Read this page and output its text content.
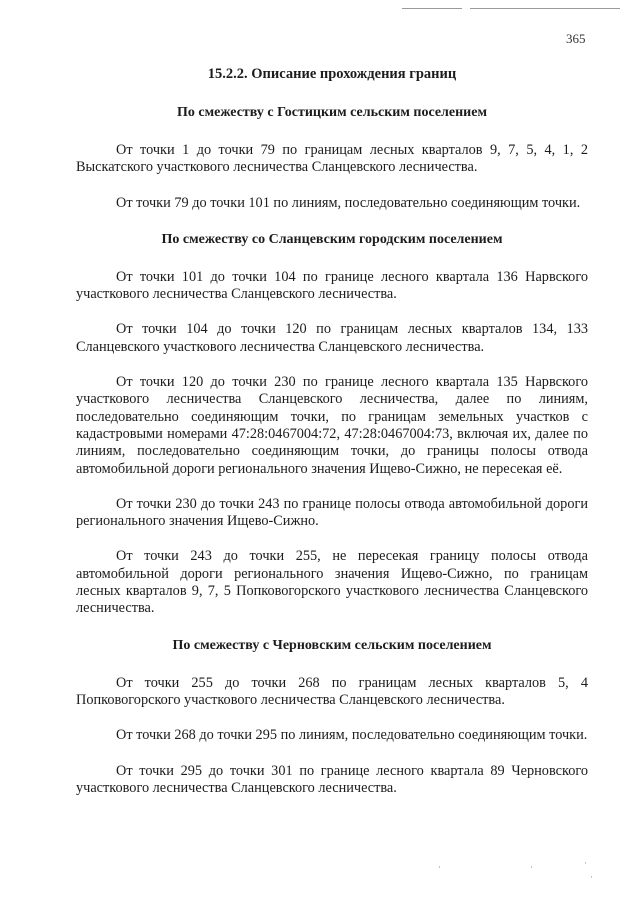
365
15.2.2. Описание прохождения границ
По смежеству с Гостицким сельским поселением

От точки 1 до точки 79 по границам лесных кварталов 9, 7, 5, 4, 1, 2 Выскатского участкового лесничества Сланцевского лесничества.

От точки 79 до точки 101 по линиям, последовательно соединяющим точки.

По смежеству со Сланцевским городским поселением

От точки 101 до точки 104 по границе лесного квартала 136 Нарвского участкового лесничества Сланцевского лесничества.

От точки 104 до точки 120 по границам лесных кварталов 134, 133 Сланцевского участкового лесничества Сланцевского лесничества.

От точки 120 до точки 230 по границе лесного квартала 135 Нарвского участкового лесничества Сланцевского лесничества, далее по линиям, последовательно соединяющим точки, по границам земельных участков с кадастровыми номерами 47:28:0467004:72, 47:28:0467004:73, включая их, далее по линиям, последовательно соединяющим точки, до границы полосы отвода автомобильной дороги регионального значения Ищево-Сижно, не пересекая её.

От точки 230 до точки 243 по границе полосы отвода автомобильной дороги регионального значения Ищево-Сижно.

От точки 243 до точки 255, не пересекая границу полосы отвода автомобильной дороги регионального значения Ищево-Сижно, по границам лесных кварталов 9, 7, 5 Попковогорского участкового лесничества Сланцевского лесничества.

По смежеству с Черновским сельским поселением

От точки 255 до точки 268 по границам лесных кварталов 5, 4 Попковогорского участкового лесничества Сланцевского лесничества.

От точки 268 до точки 295 по линиям, последовательно соединяющим точки.

От точки 295 до точки 301 по границе лесного квартала 89 Черновского участкового лесничества Сланцевского лесничества.

·	·	·
·
